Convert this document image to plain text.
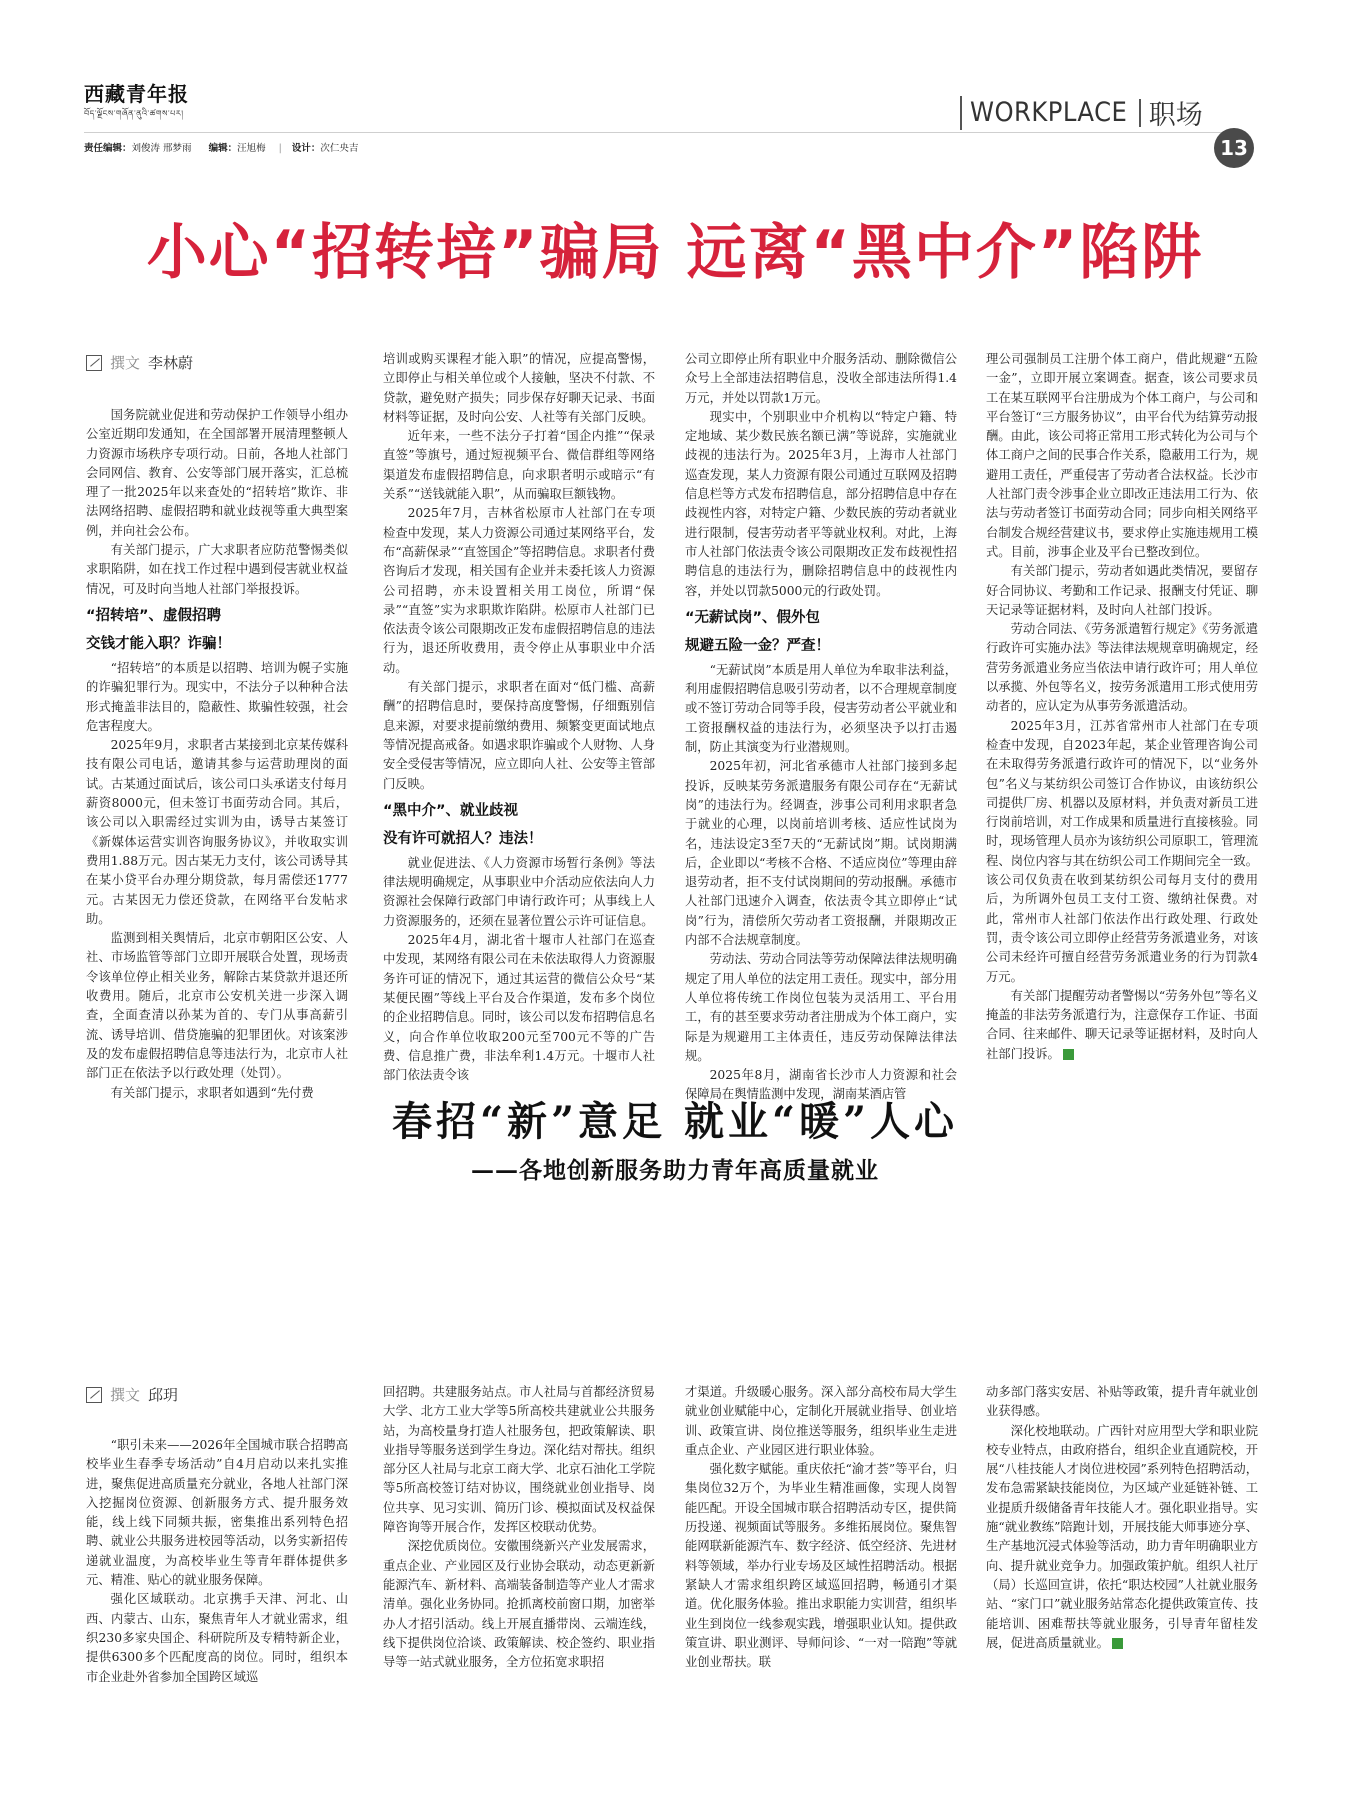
西藏青年报
བོད་ལྗོངས་གཞོན་ནུའི་ཚགས་པར།
责任编辑：刘俊涛 邢梦雨 编辑：汪旭梅 | 设计：次仁央吉
WORKPLACE 职场
13
小心“招转培”骗局 远离“黑中介”陷阱
撰文 李林蔚

国务院就业促进和劳动保护工作领导小组办公室近期印发通知，在全国部署开展清理整顿人力资源市场秩序专项行动。日前，各地人社部门会同网信、教育、公安等部门展开落实，汇总梳理了一批2025年以来查处的“招转培”欺诈、非法网络招聘、虚假招聘和就业歧视等重大典型案例，并向社会公布。

有关部门提示，广大求职者应防范警惕类似求职陷阱，如在找工作过程中遇到侵害就业权益情况，可及时向当地人社部门举报投诉。

“招转培”、虚假招聘
交钱才能入职？诈骗！

“招转培”的本质是以招聘、培训为幌子实施的诈骗犯罪行为。现实中，不法分子以种种合法形式掩盖非法目的，隐蔽性、欺骗性较强，社会危害程度大。

2025年9月，求职者古某接到北京某传媒科技有限公司电话，邀请其参与运营助理岗的面试。古某通过面试后，该公司口头承诺支付每月薪资8000元，但未签订书面劳动合同。其后，该公司以入职需经过实训为由，诱导古某签订《新媒体运营实训咨询服务协议》，并收取实训费用1.88万元。因古某无力支付，该公司诱导其在某小贷平台办理分期贷款，每月需偿还1777元。古某因无力偿还贷款，在网络平台发帖求助。

监测到相关舆情后，北京市朝阳区公安、人社、市场监管等部门立即开展联合处置，现场责令该单位停止相关业务，解除古某贷款并退还所收费用。随后，北京市公安机关进一步深入调查，全面查清以孙某为首的、专门从事高薪引流、诱导培训、借贷施骗的犯罪团伙。对该案涉及的发布虚假招聘信息等违法行为，北京市人社部门正在依法予以行政处理（处罚）。

有关部门提示，求职者如遇到“先付费

培训或购买课程才能入职”的情况，应提高警惕，立即停止与相关单位或个人接触，坚决不付款、不贷款，避免财产损失；同步保存好聊天记录、书面材料等证据，及时向公安、人社等有关部门反映。

近年来，一些不法分子打着“国企内推”“保录直签”等旗号，通过短视频平台、微信群组等网络渠道发布虚假招聘信息，向求职者明示或暗示“有关系”“送钱就能入职”，从而骗取巨额钱物。

2025年7月，吉林省松原市人社部门在专项检查中发现，某人力资源公司通过某网络平台，发布“高薪保录”“直签国企”等招聘信息。求职者付费咨询后才发现，相关国有企业并未委托该人力资源公司招聘，亦未设置相关用工岗位，所谓“保录”“直签”实为求职欺诈陷阱。松原市人社部门已依法责令该公司限期改正发布虚假招聘信息的违法行为，退还所收费用，责令停止从事职业中介活动。

有关部门提示，求职者在面对“低门槛、高薪酬”的招聘信息时，要保持高度警惕，仔细甄别信息来源，对要求提前缴纳费用、频繁变更面试地点等情况提高戒备。如遇求职诈骗或个人财物、人身安全受侵害等情况，应立即向人社、公安等主管部门反映。

“黑中介”、就业歧视
没有许可就招人？违法！

就业促进法、《人力资源市场暂行条例》等法律法规明确规定，从事职业中介活动应依法向人力资源社会保障行政部门申请行政许可；从事线上人力资源服务的，还须在显著位置公示许可证信息。

2025年4月，湖北省十堰市人社部门在巡查中发现，某网络有限公司在未依法取得人力资源服务许可证的情况下，通过其运营的微信公众号“某某便民圈”等线上平台及合作渠道，发布多个岗位的企业招聘信息。同时，该公司以发布招聘信息名义，向合作单位收取200元至700元不等的广告费、信息推广费，非法牟利1.4万元。十堰市人社部门依法责令该

公司立即停止所有职业中介服务活动、删除微信公众号上全部违法招聘信息，没收全部违法所得1.4万元，并处以罚款1万元。

现实中，个别职业中介机构以“特定户籍、特定地域、某少数民族名额已满”等说辞，实施就业歧视的违法行为。2025年3月，上海市人社部门巡查发现，某人力资源有限公司通过互联网及招聘信息栏等方式发布招聘信息，部分招聘信息中存在歧视性内容，对特定户籍、少数民族的劳动者就业进行限制，侵害劳动者平等就业权利。对此，上海市人社部门依法责令该公司限期改正发布歧视性招聘信息的违法行为，删除招聘信息中的歧视性内容，并处以罚款5000元的行政处罚。

“无薪试岗”、假外包
规避五险一金？严查！

“无薪试岗”本质是用人单位为牟取非法利益，利用虚假招聘信息吸引劳动者，以不合理规章制度或不签订劳动合同等手段，侵害劳动者公平就业和工资报酬权益的违法行为，必须坚决予以打击遏制，防止其演变为行业潜规则。

2025年初，河北省承德市人社部门接到多起投诉，反映某劳务派遣服务有限公司存在“无薪试岗”的违法行为。经调查，涉事公司利用求职者急于就业的心理，以岗前培训考核、适应性试岗为名，违法设定3至7天的“无薪试岗”期。试岗期满后，企业即以“考核不合格、不适应岗位”等理由辞退劳动者，拒不支付试岗期间的劳动报酬。承德市人社部门迅速介入调查，依法责令其立即停止“试岗”行为，清偿所欠劳动者工资报酬，并限期改正内部不合法规章制度。

劳动法、劳动合同法等劳动保障法律法规明确规定了用人单位的法定用工责任。现实中，部分用人单位将传统工作岗位包装为灵活用工、平台用工，有的甚至要求劳动者注册成为个体工商户，实际是为规避用工主体责任，违反劳动保障法律法规。

2025年8月，湖南省长沙市人力资源和社会保障局在舆情监测中发现，湖南某酒店管

理公司强制员工注册个体工商户，借此规避“五险一金”，立即开展立案调查。据查，该公司要求员工在某互联网平台注册成为个体工商户，与公司和平台签订“三方服务协议”，由平台代为结算劳动报酬。由此，该公司将正常用工形式转化为公司与个体工商户之间的民事合作关系，隐蔽用工行为，规避用工责任，严重侵害了劳动者合法权益。长沙市人社部门责令涉事企业立即改正违法用工行为、依法与劳动者签订书面劳动合同；同步向相关网络平台制发合规经营建议书，要求停止实施违规用工模式。目前，涉事企业及平台已整改到位。

有关部门提示，劳动者如遇此类情况，要留存好合同协议、考勤和工作记录、报酬支付凭证、聊天记录等证据材料，及时向人社部门投诉。

劳动合同法、《劳务派遣暂行规定》《劳务派遣行政许可实施办法》等法律法规规章明确规定，经营劳务派遣业务应当依法申请行政许可；用人单位以承揽、外包等名义，按劳务派遣用工形式使用劳动者的，应认定为从事劳务派遣活动。

2025年3月，江苏省常州市人社部门在专项检查中发现，自2023年起，某企业管理咨询公司在未取得劳务派遣行政许可的情况下，以“业务外包”名义与某纺织公司签订合作协议，由该纺织公司提供厂房、机器以及原材料，并负责对新员工进行岗前培训，对工作成果和质量进行直接核验。同时，现场管理人员亦为该纺织公司原职工，管理流程、岗位内容与其在纺织公司工作期间完全一致。该公司仅负责在收到某纺织公司每月支付的费用后，为所调外包员工支付工资、缴纳社保费。对此，常州市人社部门依法作出行政处理、行政处罚，责令该公司立即停止经营劳务派遣业务，对该公司未经许可擅自经营劳务派遣业务的行为罚款4万元。

有关部门提醒劳动者警惕以“劳务外包”等名义掩盖的非法劳务派遣行为，注意保存工作证、书面合同、往来邮件、聊天记录等证据材料，及时向人社部门投诉。

春招“新”意足 就业“暖”人心
——各地创新服务助力青年高质量就业
撰文 邱玥

“职引未来——2026年全国城市联合招聘高校毕业生春季专场活动”自4月启动以来扎实推进，聚焦促进高质量充分就业，各地人社部门深入挖掘岗位资源、创新服务方式、提升服务效能，线上线下同频共振，密集推出系列特色招聘、就业公共服务进校园等活动，以务实新招传递就业温度，为高校毕业生等青年群体提供多元、精准、贴心的就业服务保障。

强化区域联动。北京携手天津、河北、山西、内蒙古、山东，聚焦青年人才就业需求，组织230多家央国企、科研院所及专精特新企业，提供6300多个匹配度高的岗位。同时，组织本市企业赴外省参加全国跨区域巡

回招聘。共建服务站点。市人社局与首都经济贸易大学、北方工业大学等5所高校共建就业公共服务站，为高校量身打造人社服务包，把政策解读、职业指导等服务送到学生身边。深化结对帮扶。组织部分区人社局与北京工商大学、北京石油化工学院等5所高校签订结对协议，围绕就业创业指导、岗位共享、见习实训、简历门诊、模拟面试及权益保障咨询等开展合作，发挥区校联动优势。

深挖优质岗位。安徽围绕新兴产业发展需求，重点企业、产业园区及行业协会联动，动态更新新能源汽车、新材料、高端装备制造等产业人才需求清单。强化业务协同。抢抓离校前窗口期，加密举办人才招引活动。线上开展直播带岗、云端连线，线下提供岗位洽谈、政策解读、校企签约、职业指导等一站式就业服务，全方位拓宽求职招

才渠道。升级暖心服务。深入部分高校布局大学生就业创业赋能中心，定制化开展就业指导、创业培训、政策宣讲、岗位推送等服务，组织毕业生走进重点企业、产业园区进行职业体验。

强化数字赋能。重庆依托“渝才荟”等平台，归集岗位32万个，为毕业生精准画像，实现人岗智能匹配。开设全国城市联合招聘活动专区，提供简历投递、视频面试等服务。多维拓展岗位。聚焦智能网联新能源汽车、数字经济、低空经济、先进材料等领域，举办行业专场及区域性招聘活动。根据紧缺人才需求组织跨区域巡回招聘，畅通引才渠道。优化服务体验。推出求职能力实训营，组织毕业生到岗位一线参观实践，增强职业认知。提供政策宣讲、职业测评、导师问诊、“一对一陪跑”等就业创业帮扶。联

动多部门落实安居、补贴等政策，提升青年就业创业获得感。

深化校地联动。广西针对应用型大学和职业院校专业特点，由政府搭台，组织企业直通院校，开展“八桂技能人才岗位进校园”系列特色招聘活动，发布急需紧缺技能岗位，为区域产业延链补链、工业提质升级储备青年技能人才。强化职业指导。实施“就业教练”陪跑计划，开展技能大师事迹分享、生产基地沉浸式体验等活动，助力青年明确职业方向、提升就业竞争力。加强政策护航。组织人社厅（局）长巡回宣讲，依托“职达校园”人社就业服务站、“家门口”就业服务站常态化提供政策宣传、技能培训、困难帮扶等就业服务，引导青年留桂发展，促进高质量就业。
